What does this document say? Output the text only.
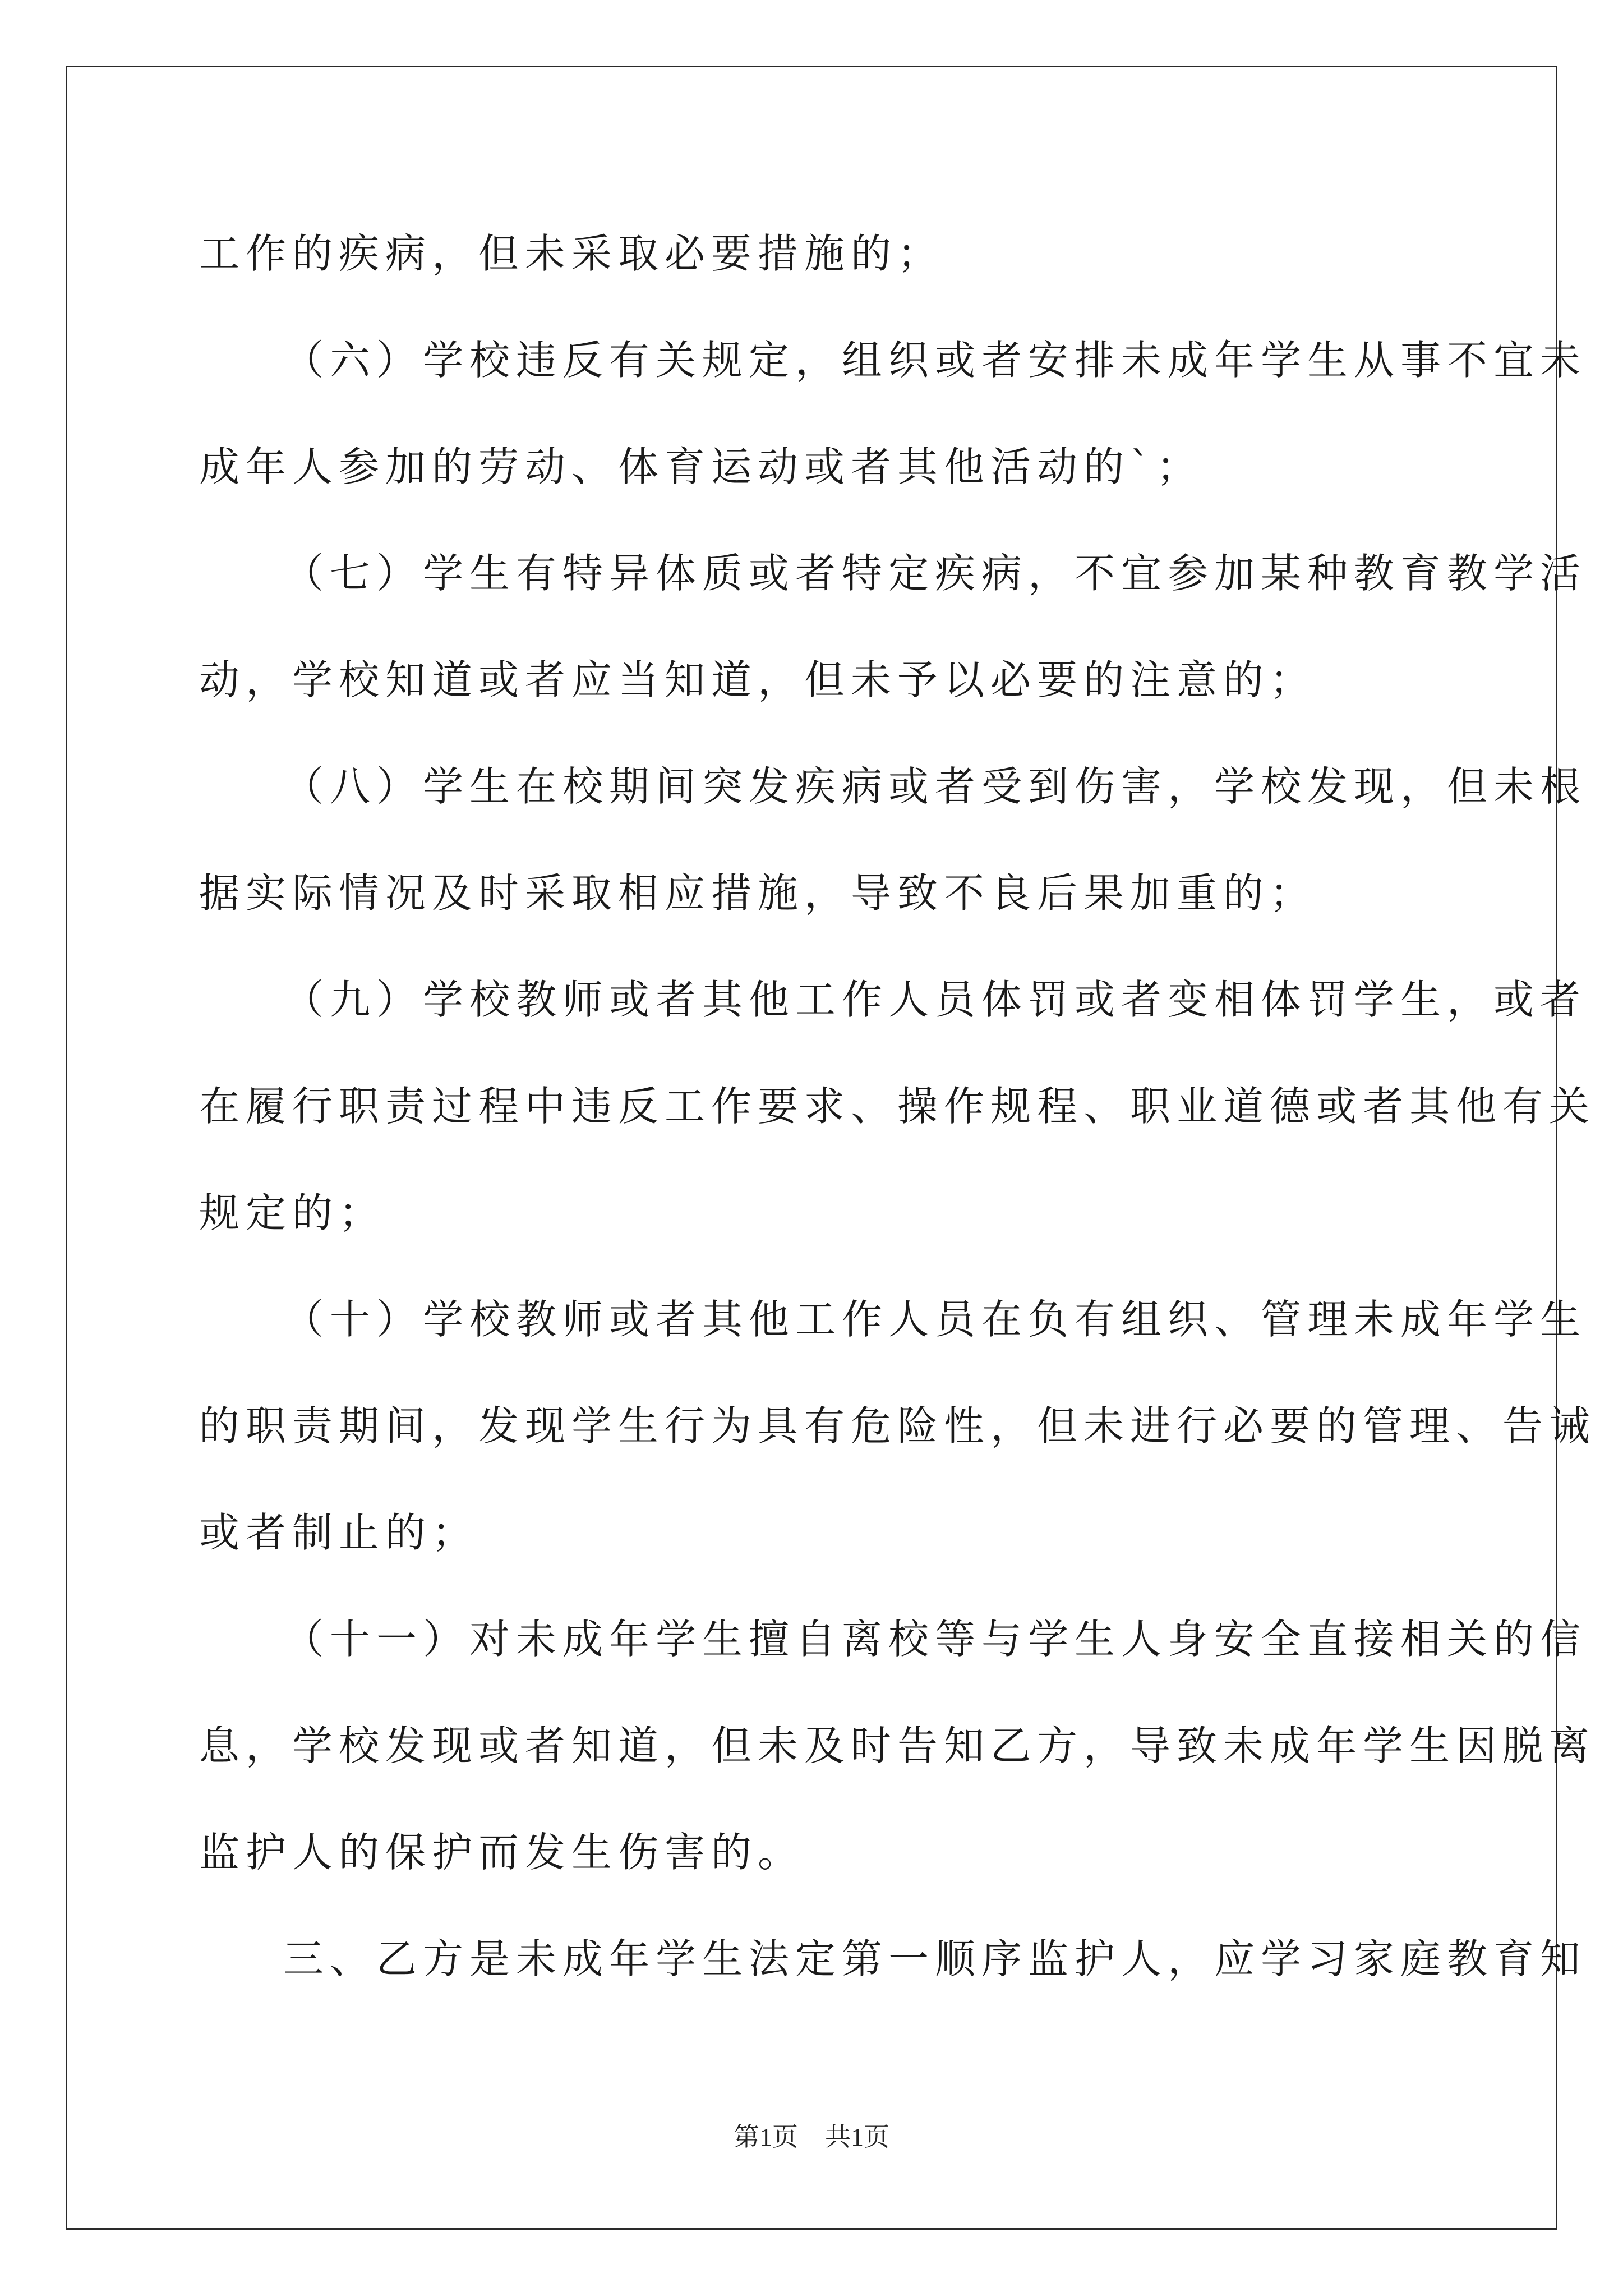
工作的疾病，但未采取必要措施的；
（六）学校违反有关规定，组织或者安排未成年学生从事不宜未
成年人参加的劳动、体育运动或者其他活动的`；
（七）学生有特异体质或者特定疾病，不宜参加某种教育教学活
动，学校知道或者应当知道，但未予以必要的注意的；
（八）学生在校期间突发疾病或者受到伤害，学校发现，但未根
据实际情况及时采取相应措施，导致不良后果加重的；
（九）学校教师或者其他工作人员体罚或者变相体罚学生，或者
在履行职责过程中违反工作要求、操作规程、职业道德或者其他有关
规定的；
（十）学校教师或者其他工作人员在负有组织、管理未成年学生
的职责期间，发现学生行为具有危险性，但未进行必要的管理、告诫
或者制止的；
（十一）对未成年学生擅自离校等与学生人身安全直接相关的信
息，学校发现或者知道，但未及时告知乙方，导致未成年学生因脱离
监护人的保护而发生伤害的。
三、乙方是未成年学生法定第一顺序监护人，应学习家庭教育知
第1页 共1页
